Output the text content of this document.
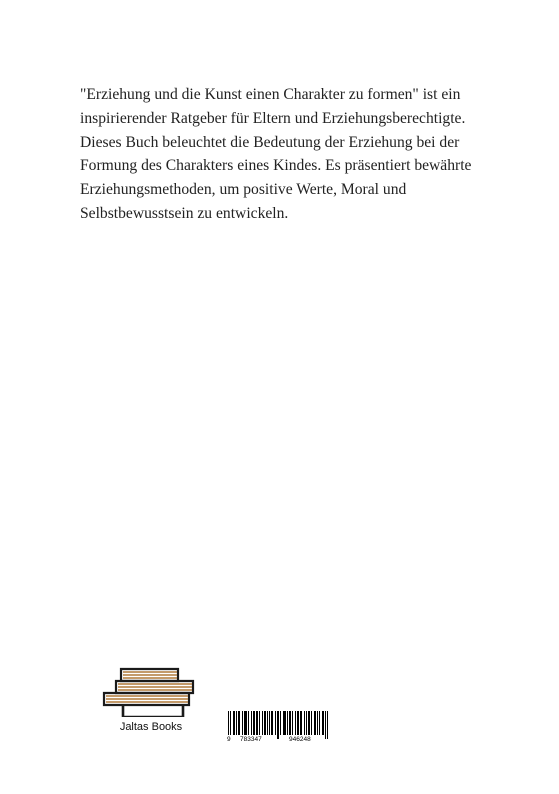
"Erziehung und die Kunst einen Charakter zu formen" ist ein inspirierender Ratgeber für Eltern und Erziehungsberechtigte. Dieses Buch beleuchtet die Bedeutung der Erziehung bei der Formung des Charakters eines Kindes. Es präsentiert bewährte Erziehungsmethoden, um positive Werte, Moral und Selbstbewusstsein zu entwickeln.

Jaltas Books
9 783347	946248
